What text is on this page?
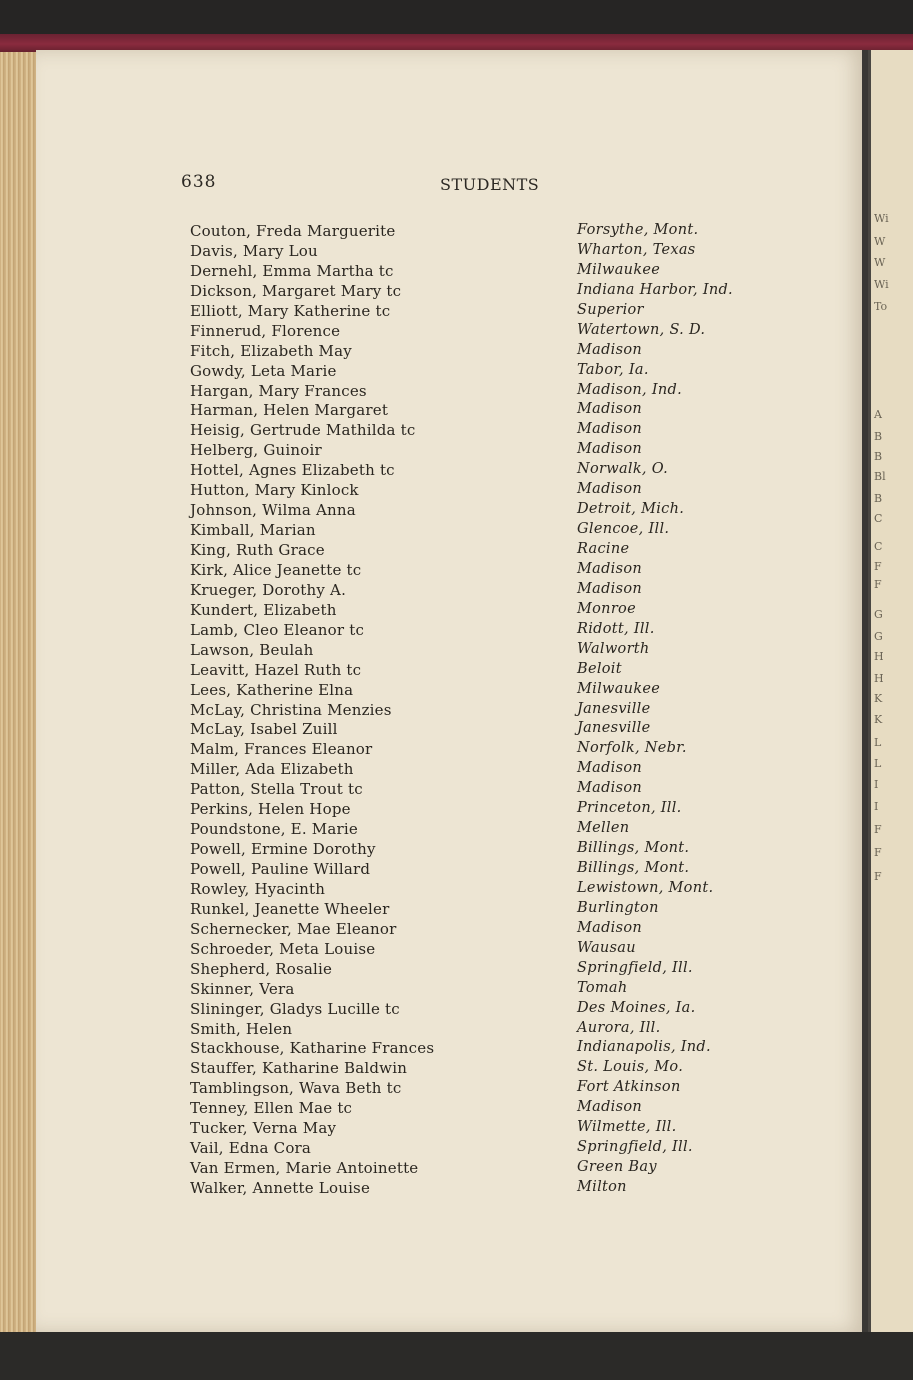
638	STUDENTS
Couton, Freda Marguerite	Forsythe, Mont.
Davis, Mary Lou	Wharton, Texas
Dernehl, Emma Martha tc	Milwaukee
Dickson, Margaret Mary tc	Indiana Harbor, Ind.
Elliott, Mary Katherine tc	Superior
Finnerud, Florence	Watertown, S. D.
Fitch, Elizabeth May	Madison
Gowdy, Leta Marie	Tabor, Ia.
Hargan, Mary Frances	Madison, Ind.
Harman, Helen Margaret	Madison
Heisig, Gertrude Mathilda tc	Madison
Helberg, Guinoir	Madison
Hottel, Agnes Elizabeth tc	Norwalk, O.
Hutton, Mary Kinlock	Madison
Johnson, Wilma Anna	Detroit, Mich.
Kimball, Marian	Glencoe, Ill.
King, Ruth Grace	Racine
Kirk, Alice Jeanette tc	Madison
Krueger, Dorothy A.	Madison
Kundert, Elizabeth	Monroe
Lamb, Cleo Eleanor tc	Ridott, Ill.
Lawson, Beulah	Walworth
Leavitt, Hazel Ruth tc	Beloit
Lees, Katherine Elna	Milwaukee
McLay, Christina Menzies	Janesville
McLay, Isabel Zuill	Janesville
Malm, Frances Eleanor	Norfolk, Nebr.
Miller, Ada Elizabeth	Madison
Patton, Stella Trout tc	Madison
Perkins, Helen Hope	Princeton, Ill.
Poundstone, E. Marie	Mellen
Powell, Ermine Dorothy	Billings, Mont.
Powell, Pauline Willard	Billings, Mont.
Rowley, Hyacinth	Lewistown, Mont.
Runkel, Jeanette Wheeler	Burlington
Schernecker, Mae Eleanor	Madison
Schroeder, Meta Louise	Wausau
Shepherd, Rosalie	Springfield, Ill.
Skinner, Vera	Tomah
Slininger, Gladys Lucille tc	Des Moines, Ia.
Smith, Helen	Aurora, Ill.
Stackhouse, Katharine Frances	Indianapolis, Ind.
Stauffer, Katharine Baldwin	St. Louis, Mo.
Tamblingson, Wava Beth tc	Fort Atkinson
Tenney, Ellen Mae tc	Madison
Tucker, Verna May	Wilmette, Ill.
Vail, Edna Cora	Springfield, Ill.
Van Ermen, Marie Antoinette	Green Bay
Walker, Annette Louise	Milton
Wi
W
W
Wi
To
A
B
B
Bl
B
C
C
F
F
G
G
H
H
K
K
L
L
I
I
F
F
F
